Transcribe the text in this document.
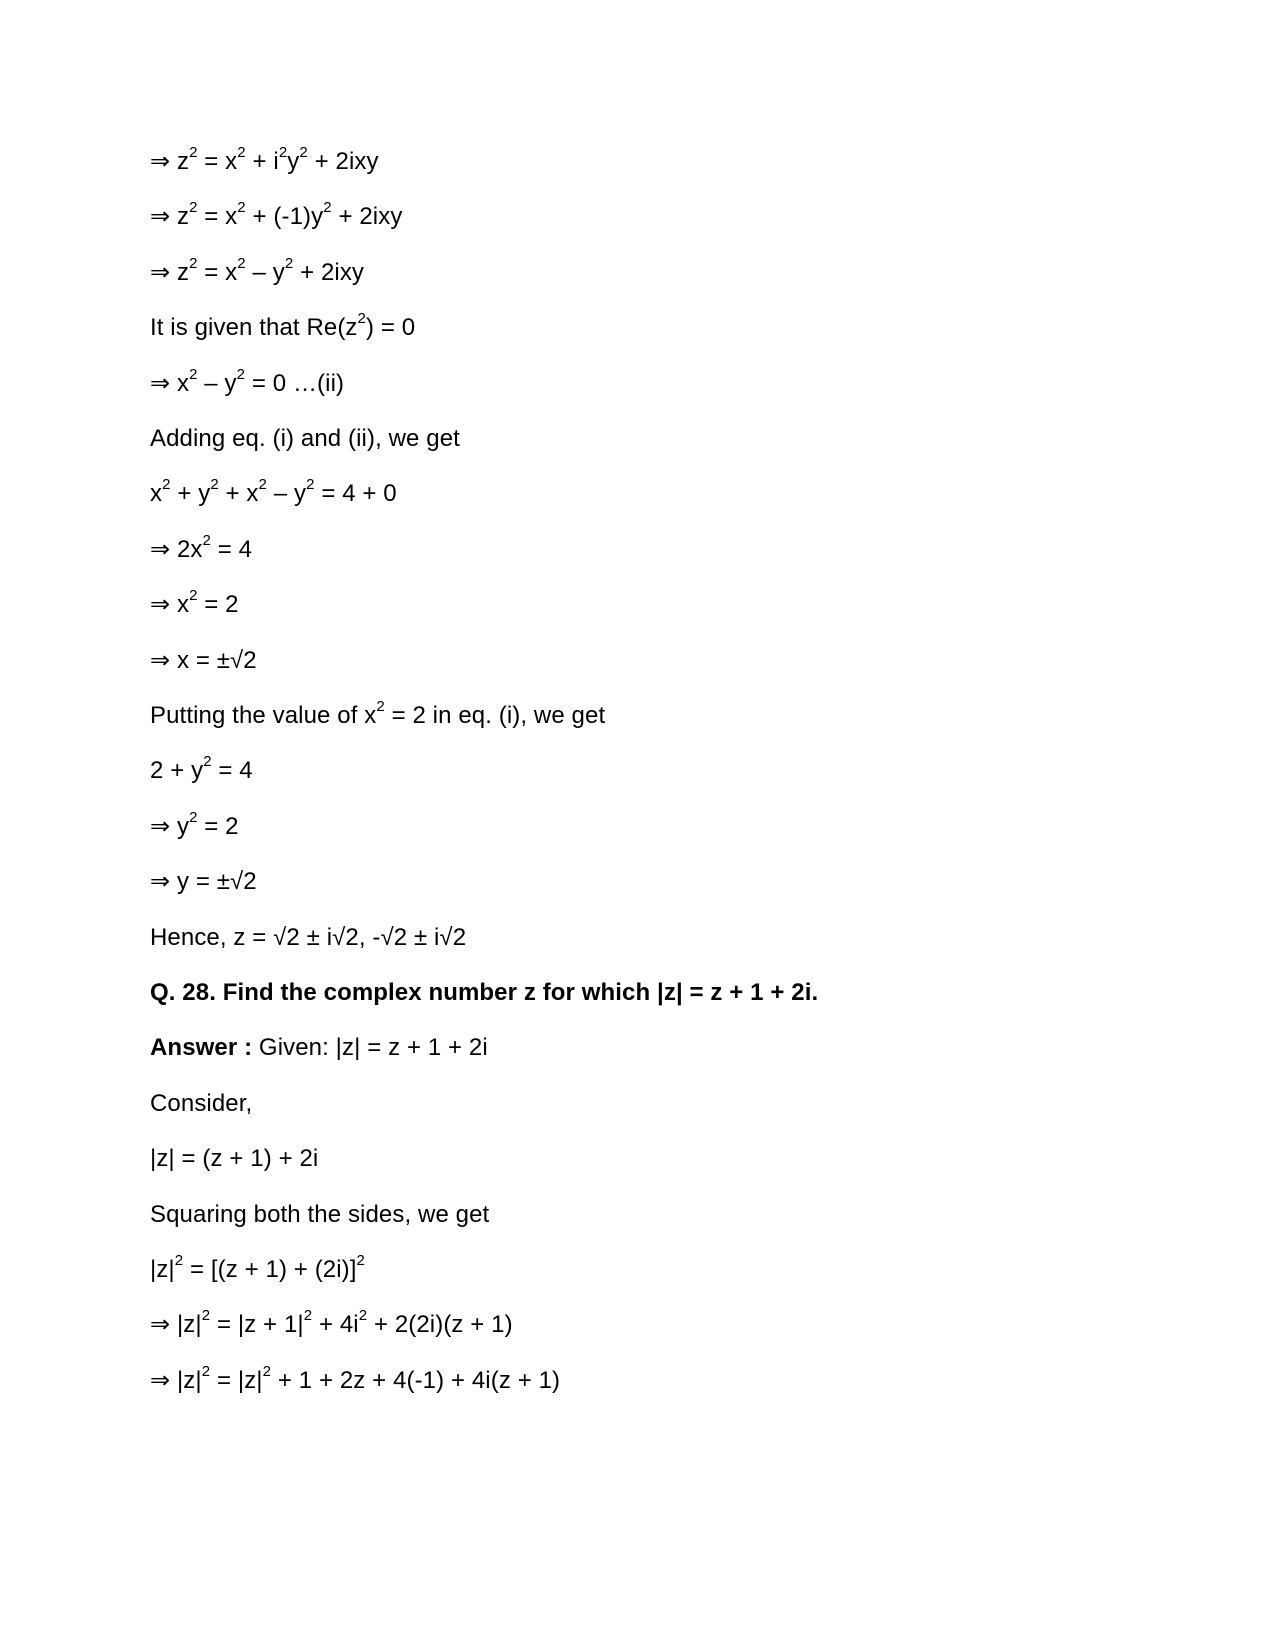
⇒ $z^2 = x^2 + i^2y^2 + 2ixy$
⇒ $z^2 = x^2 + (-1)y^2 + 2ixy$
⇒ $z^2 = x^2 - y^2 + 2ixy$
It is given that $Re(z^2) = 0$
⇒ $x^2 - y^2 = 0$ …(ii)
Adding eq. (i) and (ii), we get
$x^2 + y^2 + x^2 - y^2 = 4 + 0$
⇒ $2x^2 = 4$
⇒ $x^2 = 2$
⇒ x = ±√2
Putting the value of $x^2 = 2$ in eq. (i), we get
$2 + y^2 = 4$
⇒ $y^2 = 2$
⇒ y = ±√2
Hence, z = √2 ± i√2, -√2 ± i√2
Q. 28. Find the complex number z for which |z| = z + 1 + 2i.
Answer : Given: |z| = z + 1 + 2i
Consider,
|z| = (z + 1) + 2i
Squaring both the sides, we get
$|z|^2 = [(z + 1) + (2i)]^2$
⇒ $|z|^2 = |z + 1|^2 + 4i^2 + 2(2i)(z + 1)$
⇒ $|z|^2 = |z|^2 + 1 + 2z + 4(-1) + 4i(z + 1)$
